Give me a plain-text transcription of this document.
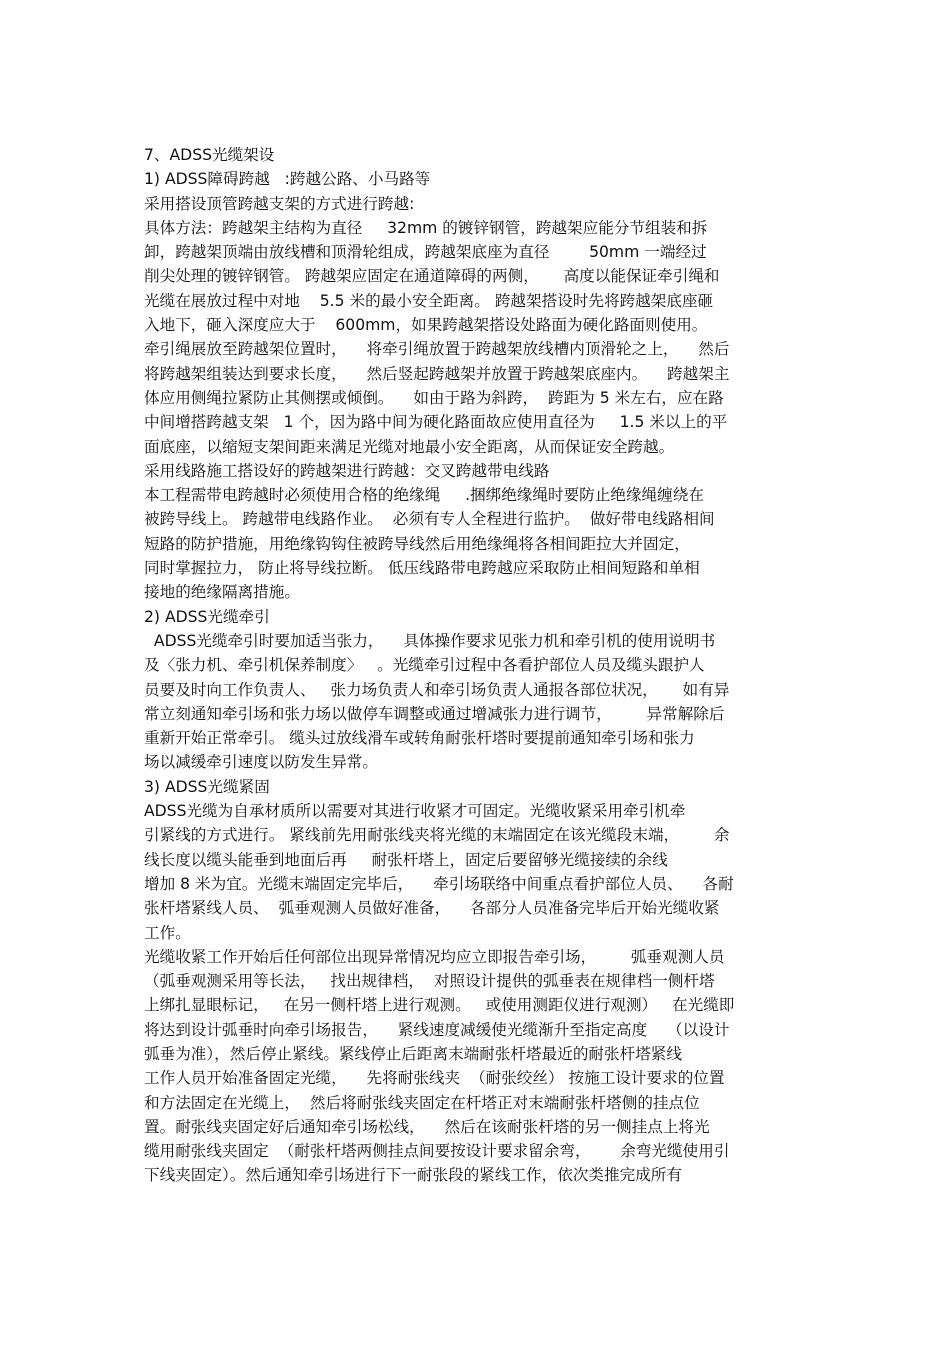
7、ADSS光缆架设
1) ADSS障碍跨越   :跨越公路、小马路等
采用搭设顶管跨越支架的方式进行跨越:
具体方法：跨越架主结构为直径     32mm 的镀锌钢管，跨越架应能分节组装和拆
卸，跨越架顶端由放线槽和顶滑轮组成，跨越架底座为直径        50mm 一端经过
削尖处理的镀锌钢管。 跨越架应固定在通道障碍的两侧，     高度以能保证牵引绳和
光缆在展放过程中对地    5.5 米的最小安全距离。 跨越架搭设时先将跨越架底座砸
入地下，砸入深度应大于    600mm，如果跨越架搭设处路面为硬化路面则使用。
牵引绳展放至跨越架位置时，    将牵引绳放置于跨越架放线槽内顶滑轮之上，    然后
将跨越架组装达到要求长度，    然后竖起跨越架并放置于跨越架底座内。    跨越架主
体应用侧绳拉紧防止其侧摆或倾倒。    如由于路为斜跨，  跨距为 5 米左右，应在路
中间增搭跨越支架   1 个，因为路中间为硬化路面故应使用直径为     1.5 米以上的平
面底座，以缩短支架间距来满足光缆对地最小安全距离，从而保证安全跨越。
采用线路施工搭设好的跨越架进行跨越：交叉跨越带电线路
本工程需带电跨越时必须使用合格的绝缘绳     .捆绑绝缘绳时要防止绝缘绳缠绕在
被跨导线上。 跨越带电线路作业。  必须有专人全程进行监护。  做好带电线路相间
短路的防护措施，用绝缘钩钩住被跨导线然后用绝缘绳将各相间距拉大并固定，
同时掌握拉力， 防止将导线拉断。 低压线路带电跨越应采取防止相间短路和单相
接地的绝缘隔离措施。
2) ADSS光缆牵引
ADSS光缆牵引时要加适当张力，    具体操作要求见张力机和牵引机的使用说明书
及〈张力机、牵引机保养制度〉   。光缆牵引过程中各看护部位人员及缆头跟护人
员要及时向工作负责人、   张力场负责人和牵引场负责人通报各部位状况，     如有异
常立刻通知牵引场和张力场以做停车调整或通过增减张力进行调节，       异常解除后
重新开始正常牵引。 缆头过放线滑车或转角耐张杆塔时要提前通知牵引场和张力
场以减缓牵引速度以防发生异常。
3) ADSS光缆紧固
ADSS光缆为自承材质所以需要对其进行收紧才可固定。光缆收紧采用牵引机牵
引紧线的方式进行。 紧线前先用耐张线夹将光缆的末端固定在该光缆段末端，       余
线长度以缆头能垂到地面后再     耐张杆塔上，固定后要留够光缆接续的余线
增加 8 米为宜。光缆末端固定完毕后，    牵引场联络中间重点看护部位人员、    各耐
张杆塔紧线人员、  弧垂观测人员做好准备，    各部分人员准备完毕后开始光缆收紧
工作。
光缆收紧工作开始后任何部位出现异常情况均应立即报告牵引场，       弧垂观测人员
（弧垂观测采用等长法，   找出规律档，  对照设计提供的弧垂表在规律档一侧杆塔
上绑扎显眼标记，   在另一侧杆塔上进行观测。   或使用测距仪进行观测）   在光缆即
将达到设计弧垂时向牵引场报告，    紧线速度减缓使光缆渐升至指定高度    （以设计
弧垂为准），然后停止紧线。紧线停止后距离末端耐张杆塔最近的耐张杆塔紧线
工作人员开始准备固定光缆，    先将耐张线夹  （耐张绞丝） 按施工设计要求的位置
和方法固定在光缆上，  然后将耐张线夹固定在杆塔正对末端耐张杆塔侧的挂点位
置。耐张线夹固定好后通知牵引场松线，    然后在该耐张杆塔的另一侧挂点上将光
缆用耐张线夹固定  （耐张杆塔两侧挂点间要按设计要求留余弯，      余弯光缆使用引
下线夹固定）。然后通知牵引场进行下一耐张段的紧线工作，依次类推完成所有
